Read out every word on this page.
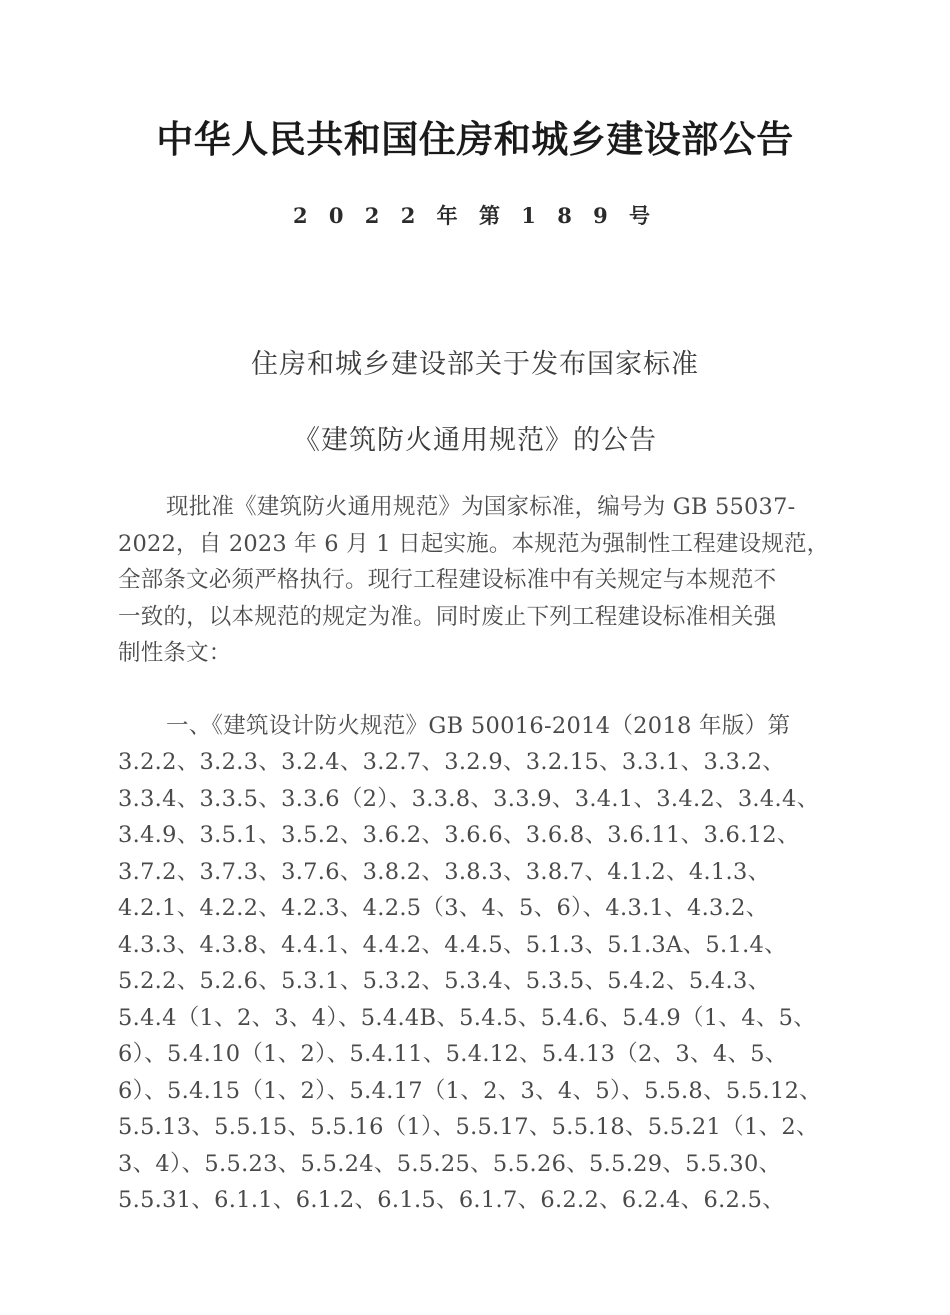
中华人民共和国住房和城乡建设部公告

2 0 2 2 年 第 1 8 9 号

住房和城乡建设部关于发布国家标准

《建筑防火通用规范》的公告

现批准《建筑防火通用规范》为国家标准，编号为 GB 55037-
2022，自 2023 年 6 月 1 日起实施。本规范为强制性工程建设规范，
全部条文必须严格执行。现行工程建设标准中有关规定与本规范不
一致的，以本规范的规定为准。同时废止下列工程建设标准相关强
制性条文：

一、《建筑设计防火规范》GB 50016-2014（2018 年版）第
3.2.2、3.2.3、3.2.4、3.2.7、3.2.9、3.2.15、3.3.1、3.3.2、
3.3.4、3.3.5、3.3.6（2）、3.3.8、3.3.9、3.4.1、3.4.2、3.4.4、
3.4.9、3.5.1、3.5.2、3.6.2、3.6.6、3.6.8、3.6.11、3.6.12、
3.7.2、3.7.3、3.7.6、3.8.2、3.8.3、3.8.7、4.1.2、4.1.3、
4.2.1、4.2.2、4.2.3、4.2.5（3、4、5、6）、4.3.1、4.3.2、
4.3.3、4.3.8、4.4.1、4.4.2、4.4.5、5.1.3、5.1.3A、5.1.4、
5.2.2、5.2.6、5.3.1、5.3.2、5.3.4、5.3.5、5.4.2、5.4.3、
5.4.4（1、2、3、4）、5.4.4B、5.4.5、5.4.6、5.4.9（1、4、5、
6）、5.4.10（1、2）、5.4.11、5.4.12、5.4.13（2、3、4、5、
6）、5.4.15（1、2）、5.4.17（1、2、3、4、5）、5.5.8、5.5.12、
5.5.13、5.5.15、5.5.16（1）、5.5.17、5.5.18、5.5.21（1、2、
3、4）、5.5.23、5.5.24、5.5.25、5.5.26、5.5.29、5.5.30、
5.5.31、6.1.1、6.1.2、6.1.5、6.1.7、6.2.2、6.2.4、6.2.5、
